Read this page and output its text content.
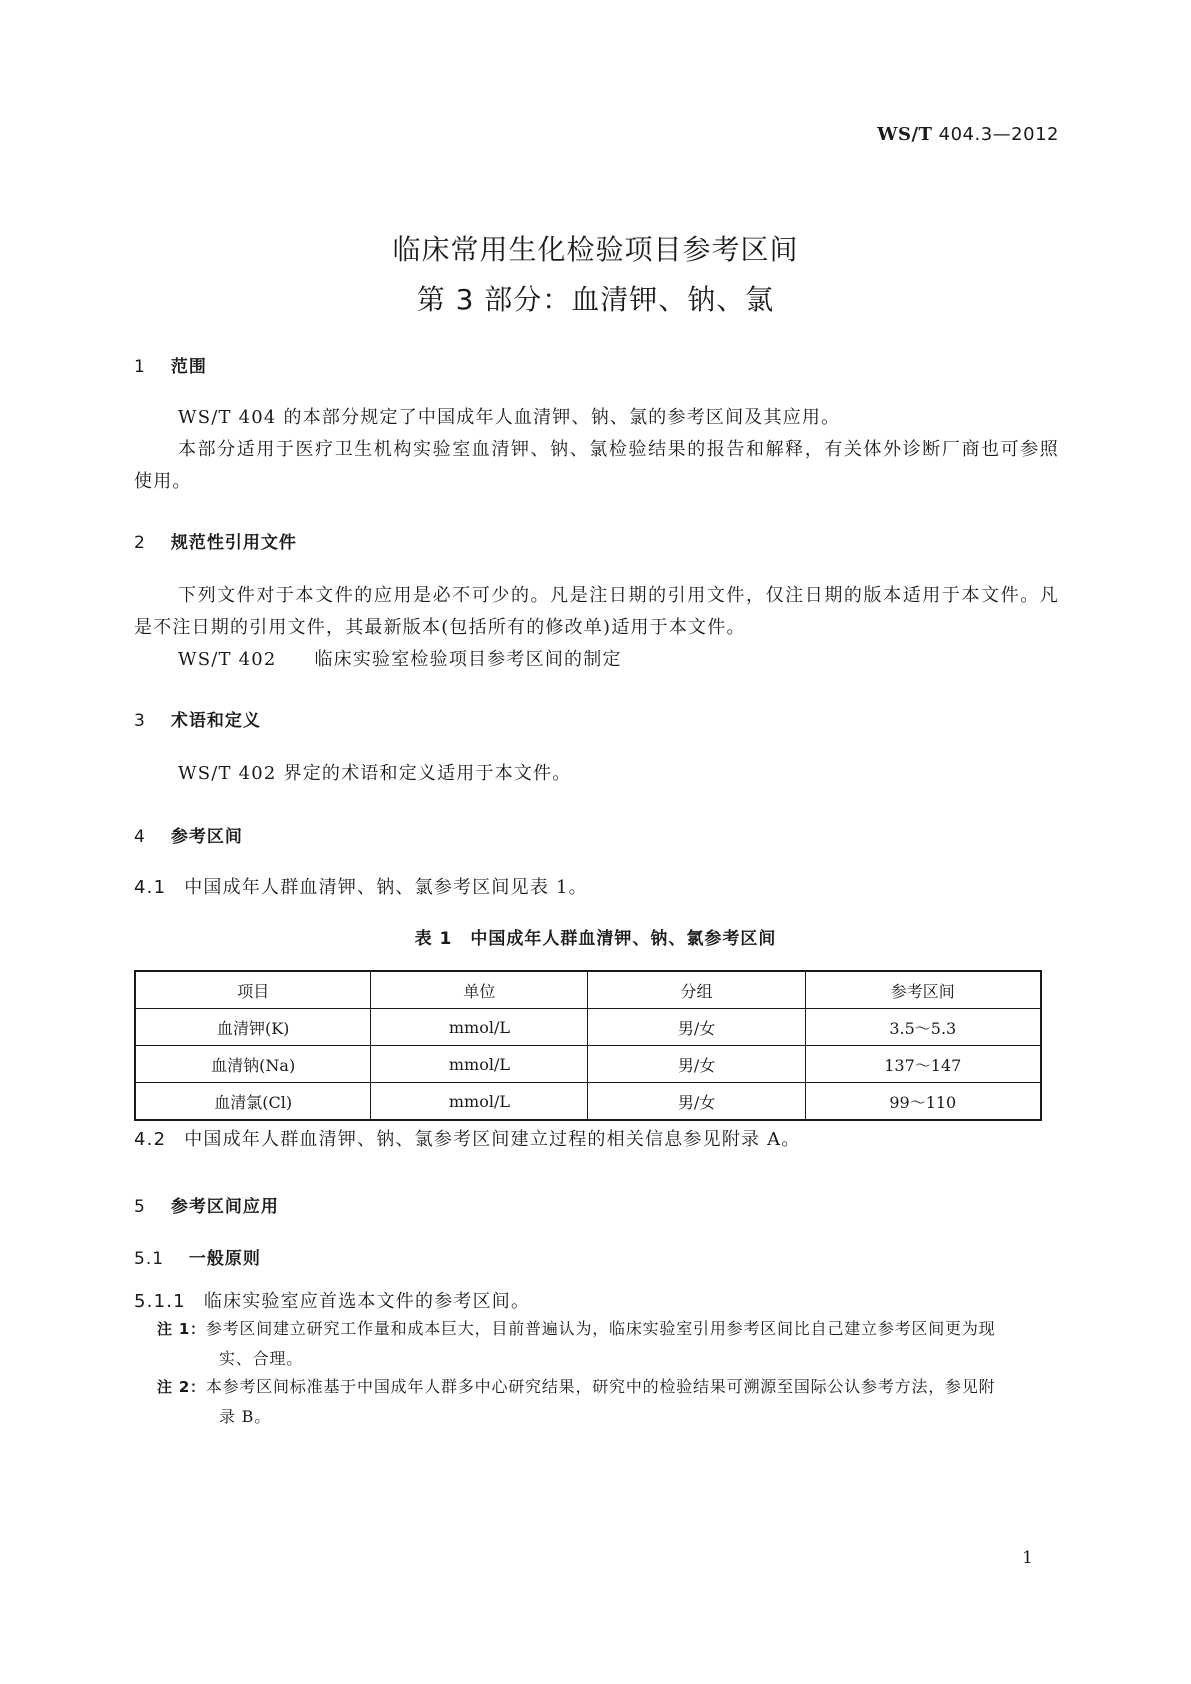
WS/T 404.3—2012
临床常用生化检验项目参考区间
第 3 部分：血清钾、钠、氯
1 范围
WS/T 404 的本部分规定了中国成年人血清钾、钠、氯的参考区间及其应用。
本部分适用于医疗卫生机构实验室血清钾、钠、氯检验结果的报告和解释，有关体外诊断厂商也可参照使用。
2 规范性引用文件
下列文件对于本文件的应用是必不可少的。凡是注日期的引用文件，仅注日期的版本适用于本文件。凡是不注日期的引用文件，其最新版本(包括所有的修改单)适用于本文件。
WS/T 402 临床实验室检验项目参考区间的制定
3 术语和定义
WS/T 402 界定的术语和定义适用于本文件。
4 参考区间
4.1 中国成年人群血清钾、钠、氯参考区间见表 1。
表 1　中国成年人群血清钾、钠、氯参考区间
项目	单位	分组	参考区间
血清钾(K)	mmol/L	男/女	3.5～5.3
血清钠(Na)	mmol/L	男/女	137～147
血清氯(Cl)	mmol/L	男/女	99～110
4.2 中国成年人群血清钾、钠、氯参考区间建立过程的相关信息参见附录 A。
5 参考区间应用
5.1 一般原则
5.1.1 临床实验室应首选本文件的参考区间。
注 1：参考区间建立研究工作量和成本巨大，目前普遍认为，临床实验室引用参考区间比自己建立参考区间更为现
实、合理。
注 2：本参考区间标准基于中国成年人群多中心研究结果，研究中的检验结果可溯源至国际公认参考方法，参见附
录 B。
1
